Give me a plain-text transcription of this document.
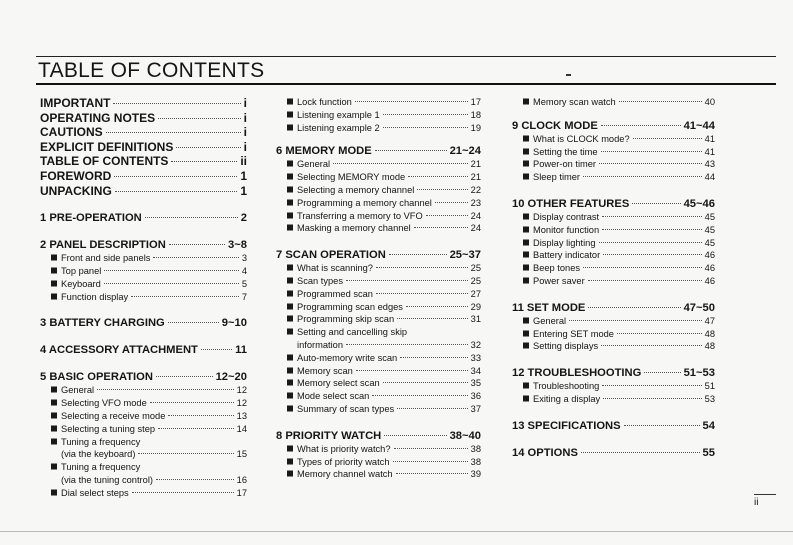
TABLE OF CONTENTS
IMPORTANT	i
OPERATING NOTES	i
CAUTIONS	i
EXPLICIT DEFINITIONS	i
TABLE OF CONTENTS	ii
FOREWORD	1
UNPACKING	1
1 PRE-OPERATION	2
2 PANEL DESCRIPTION	3~8
Front and side panels	3
Top panel	4
Keyboard	5
Function display	7
3 BATTERY CHARGING	9~10
4 ACCESSORY ATTACHMENT	11
5 BASIC OPERATION	12~20
General	12
Selecting VFO mode	12
Selecting a receive mode	13
Selecting a tuning step	14
Tuning a frequency
(via the keyboard)	15
Tuning a frequency
(via the tuning control)	16
Dial select steps	17
Lock function	17
Listening example 1	18
Listening example 2	19
6 MEMORY MODE	21~24
General	21
Selecting MEMORY mode	21
Selecting a memory channel	22
Programming a memory channel	23
Transferring a memory to VFO	24
Masking a memory channel	24
7 SCAN OPERATION	25~37
What is scanning?	25
Scan types	25
Programmed scan	27
Programming scan edges	29
Programming skip scan	31
Setting and cancelling skip
information	32
Auto-memory write scan	33
Memory scan	34
Memory select scan	35
Mode select scan	36
Summary of scan types	37
8 PRIORITY WATCH	38~40
What is priority watch?	38
Types of priority watch	38
Memory channel watch	39
Memory scan watch	40
9 CLOCK MODE	41~44
What is CLOCK mode?	41
Setting the time	41
Power-on timer	43
Sleep timer	44
10 OTHER FEATURES	45~46
Display contrast	45
Monitor function	45
Display lighting	45
Battery indicator	46
Beep tones	46
Power saver	46
11 SET MODE	47~50
General	47
Entering SET mode	48
Setting displays	48
12 TROUBLESHOOTING	51~53
Troubleshooting	51
Exiting a display	53
13 SPECIFICATIONS	54
14 OPTIONS	55
ii
